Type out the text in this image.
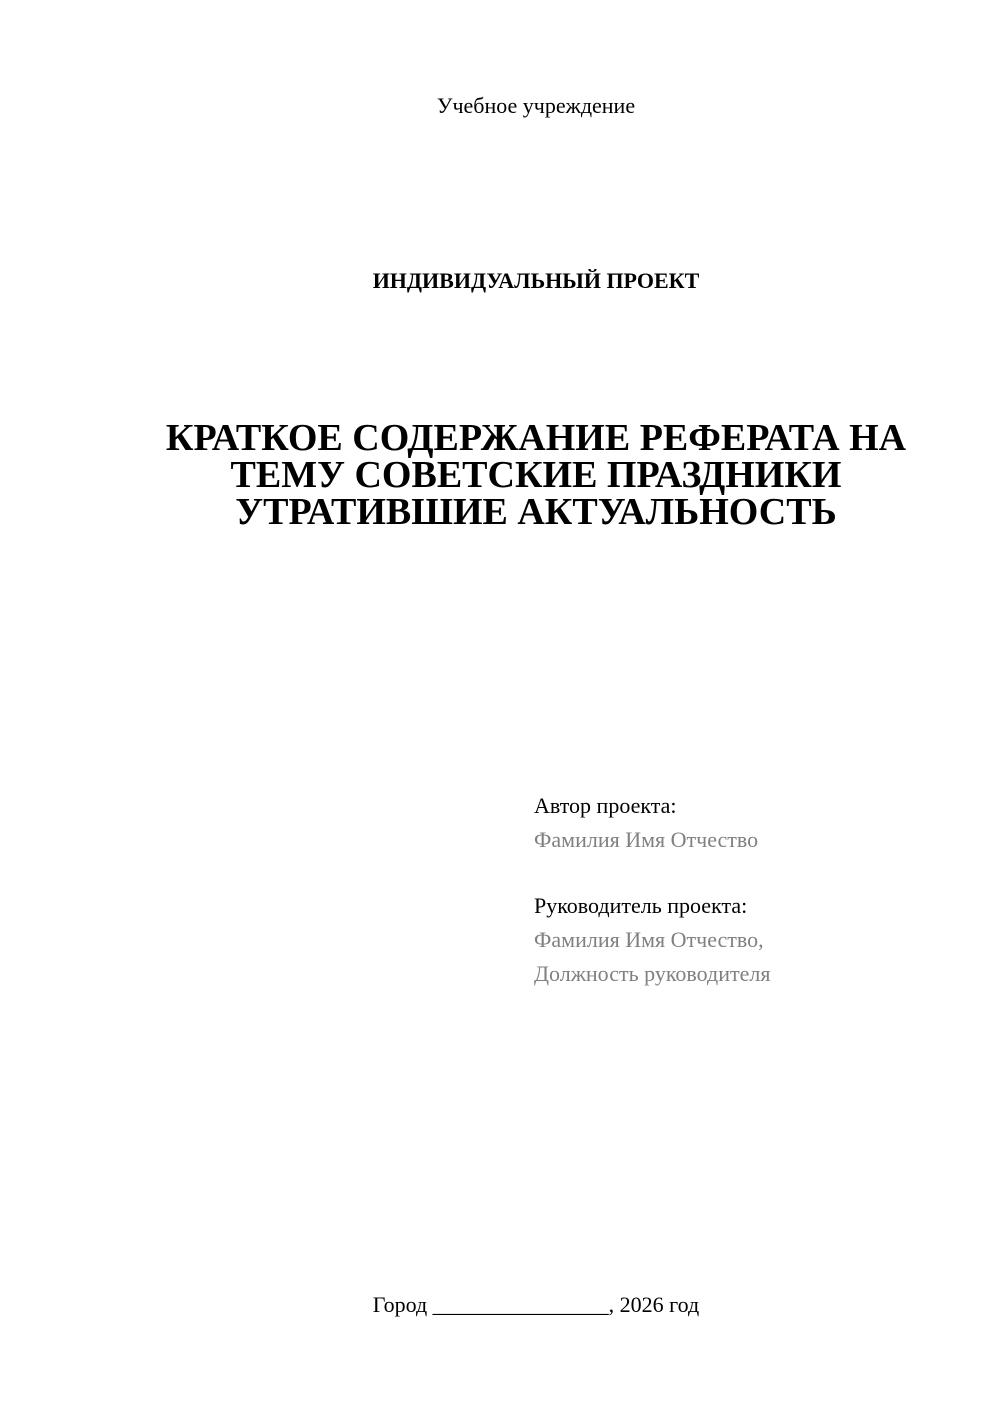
Учебное учреждение
ИНДИВИДУАЛЬНЫЙ ПРОЕКТ
КРАТКОЕ СОДЕРЖАНИЕ РЕФЕРАТА НА
ТЕМУ СОВЕТСКИЕ ПРАЗДНИКИ
УТРАТИВШИЕ АКТУАЛЬНОСТЬ
Автор проекта:
Фамилия Имя Отчество
Руководитель проекта:
Фамилия Имя Отчество,
Должность руководителя
Город ________________, 2026 год
